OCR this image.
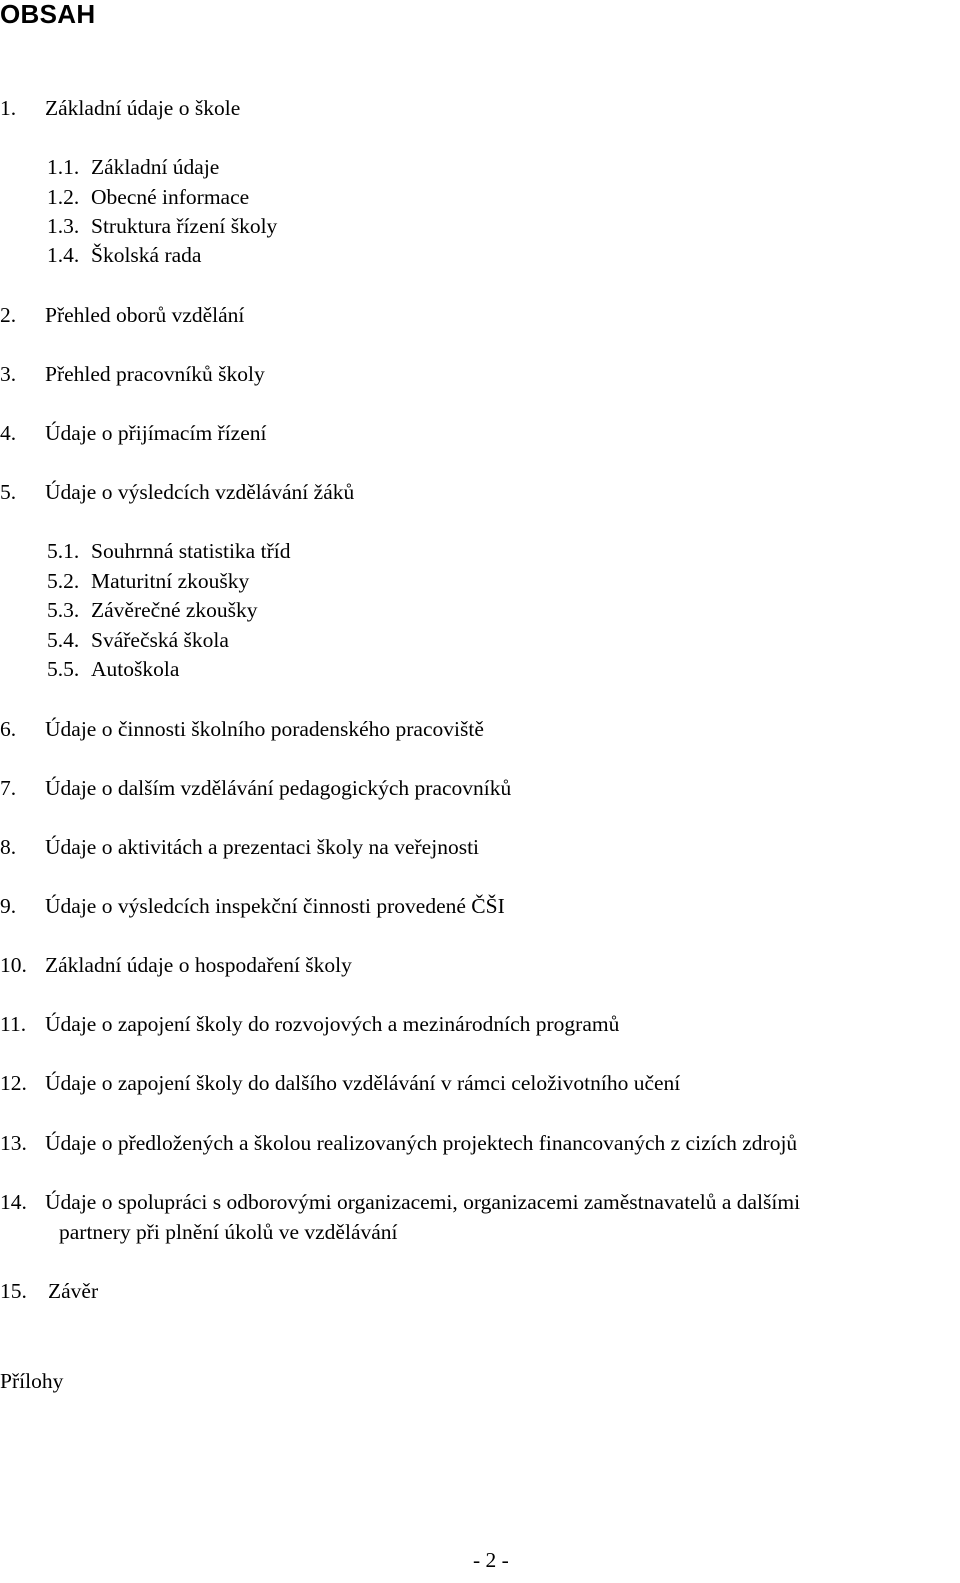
OBSAH
1. Základní údaje o škole
1.1. Základní údaje
1.2. Obecné informace
1.3. Struktura řízení školy
1.4. Školská rada
2. Přehled oborů vzdělání
3. Přehled pracovníků školy
4. Údaje o přijímacím řízení
5. Údaje o výsledcích vzdělávání žáků
5.1. Souhrnná statistika tříd
5.2. Maturitní zkoušky
5.3. Závěrečné zkoušky
5.4. Svářečská škola
5.5. Autoškola
6. Údaje o činnosti školního poradenského pracoviště
7. Údaje o dalším vzdělávání pedagogických pracovníků
8. Údaje o aktivitách a prezentaci školy na veřejnosti
9. Údaje o výsledcích inspekční činnosti provedené ČŠI
10. Základní údaje o hospodaření školy
11. Údaje o zapojení školy do rozvojových a mezinárodních programů
12. Údaje o zapojení školy do dalšího vzdělávání v rámci celoživotního učení
13. Údaje o předložených a školou realizovaných projektech financovaných z cizích zdrojů
14. Údaje o spolupráci s odborovými organizacemi, organizacemi zaměstnavatelů a dalšími
partnery při plnění úkolů ve vzdělávání
15. Závěr
Přílohy
- 2 -
